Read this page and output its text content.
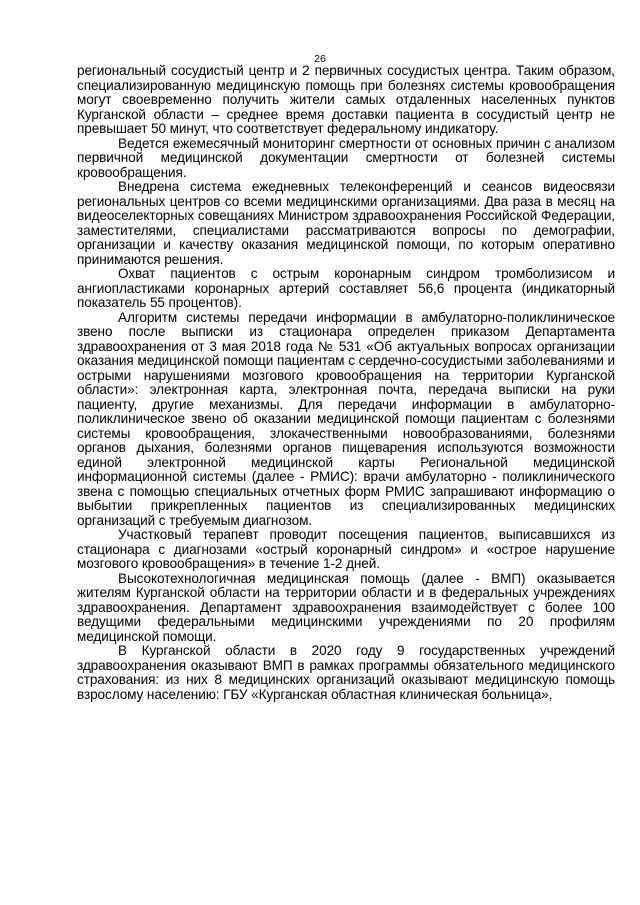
26

региональный сосудистый центр и 2 первичных сосудистых центра. Таким образом, специализированную медицинскую помощь при болезнях системы кровообращения могут своевременно получить жители самых отдаленных населенных пунктов Курганской области – среднее время доставки пациента в сосудистый центр не превышает 50 минут, что соответствует федеральному индикатору.

Ведется ежемесячный мониторинг смертности от основных причин с анализом первичной медицинской документации смертности от болезней системы кровообращения.

Внедрена система ежедневных телеконференций и сеансов видеосвязи региональных центров со всеми медицинскими организациями. Два раза в месяц на видеоселекторных совещаниях Министром здравоохранения Российской Федерации, заместителями, специалистами рассматриваются вопросы по демографии, организации и качеству оказания медицинской помощи, по которым оперативно принимаются решения.

Охват пациентов с острым коронарным синдром тромболизисом и ангиопластиками коронарных артерий составляет 56,6 процента (индикаторный показатель 55 процентов).

Алгоритм системы передачи информации в амбулаторно-поликлиническое звено после выписки из стационара определен приказом Департамента здравоохранения от 3 мая 2018 года № 531 «Об актуальных вопросах организации оказания медицинской помощи пациентам с сердечно-сосудистыми заболеваниями и острыми нарушениями мозгового кровообращения на территории Курганской области»: электронная карта, электронная почта, передача выписки на руки пациенту, другие механизмы. Для передачи информации в амбулаторно-поликлиническое звено об оказании медицинской помощи пациентам с болезнями системы кровообращения, злокачественными новообразованиями, болезнями органов дыхания, болезнями органов пищеварения используются возможности единой электронной медицинской карты Региональной медицинской информационной системы (далее - РМИС): врачи амбулаторно - поликлинического звена с помощью специальных отчетных форм РМИС запрашивают информацию о выбытии прикрепленных пациентов из специализированных медицинских организаций с требуемым диагнозом.

Участковый терапевт проводит посещения пациентов, выписавшихся из стационара с диагнозами «острый коронарный синдром» и «острое нарушение мозгового кровообращения» в течение 1-2 дней.

Высокотехнологичная медицинская помощь (далее - ВМП) оказывается жителям Курганской области на территории области и в федеральных учреждениях здравоохранения. Департамент здравоохранения взаимодействует с более 100 ведущими федеральными медицинскими учреждениями по 20 профилям медицинской помощи.

В Курганской области в 2020 году 9 государственных учреждений здравоохранения оказывают ВМП в рамках программы обязательного медицинского страхования: из них 8 медицинских организаций оказывают медицинскую помощь взрослому населению: ГБУ «Курганская областная клиническая больница»,
